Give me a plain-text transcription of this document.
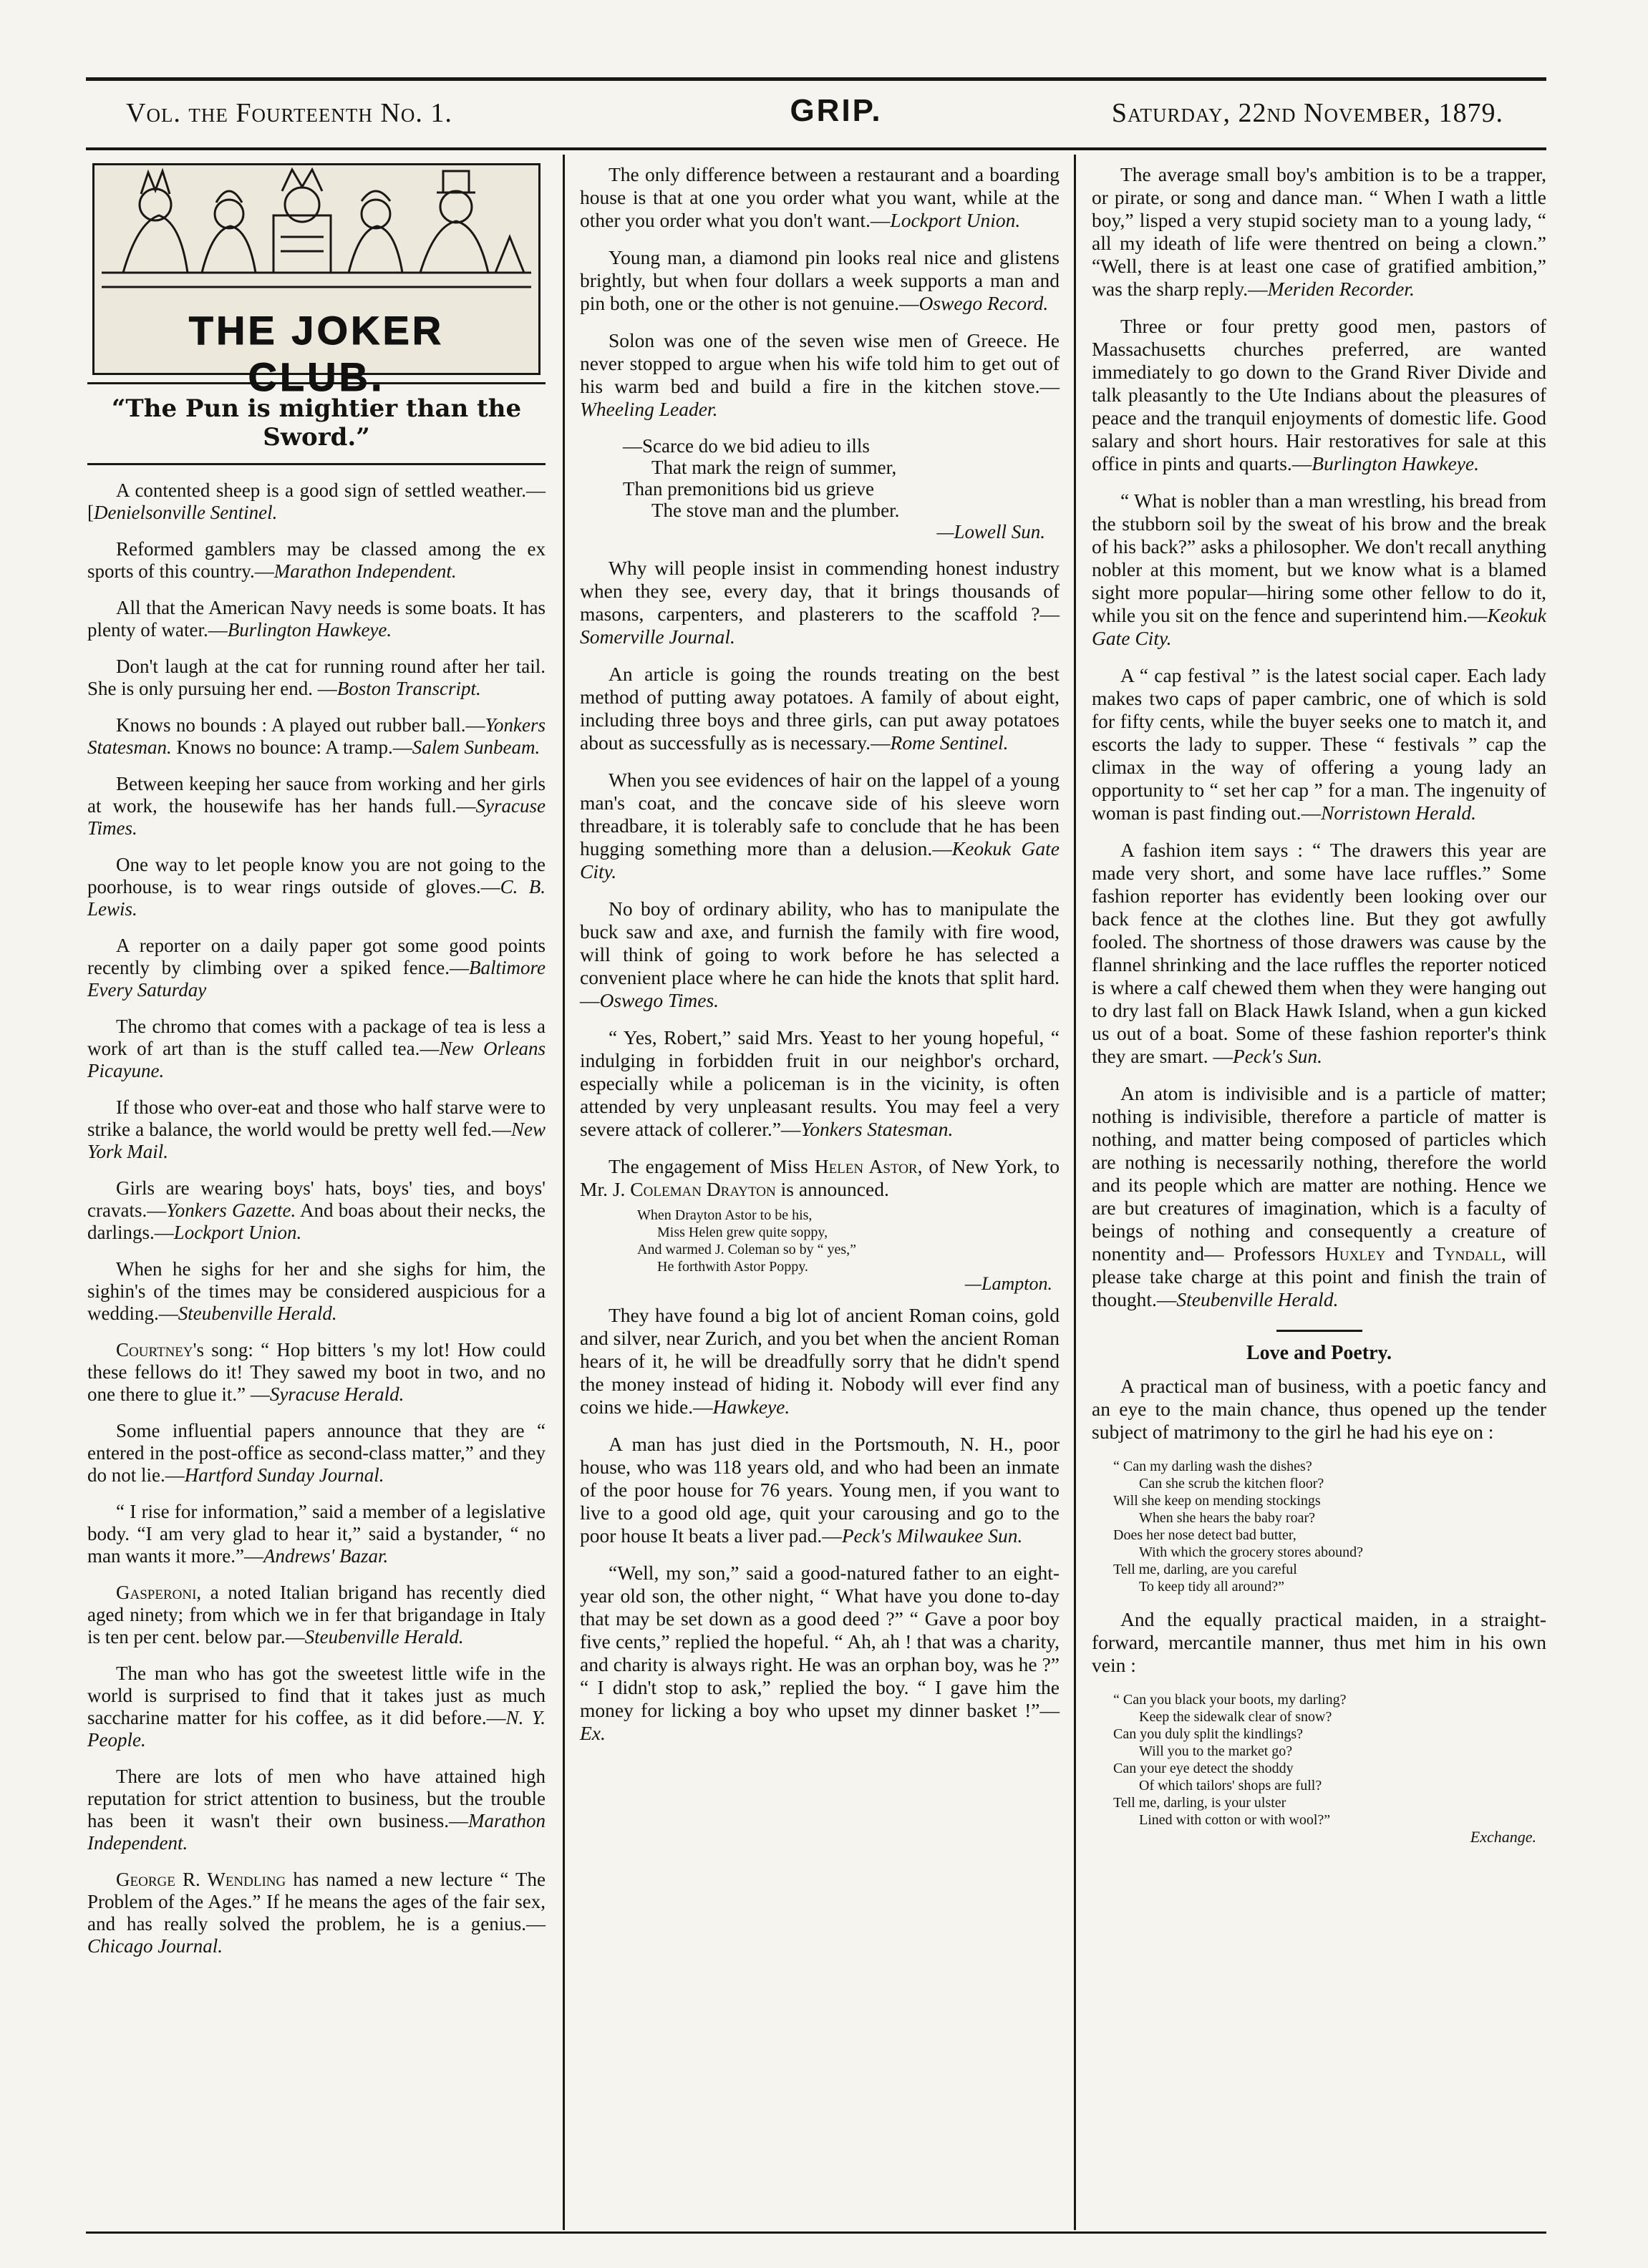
Vol. the Fourteenth No. 1.	GRIP.	Saturday, 22nd November, 1879.
THE JOKER CLUB.
“The Pun is mightier than the Sword.”

A contented sheep is a good sign of settled weather.—[Denielsonville Sentinel.

Reformed gamblers may be classed among the ex sports of this country.—Marathon Independent.

All that the American Navy needs is some boats. It has plenty of water.—Burlington Hawkeye.

Don't laugh at the cat for running round after her tail. She is only pursuing her end. —Boston Transcript.

Knows no bounds : A played out rubber ball.—Yonkers Statesman. Knows no bounce: A tramp.—Salem Sunbeam.

Between keeping her sauce from working and her girls at work, the housewife has her hands full.—Syracuse Times.

One way to let people know you are not going to the poorhouse, is to wear rings outside of gloves.—C. B. Lewis.

A reporter on a daily paper got some good points recently by climbing over a spiked fence.—Baltimore Every Saturday

The chromo that comes with a package of tea is less a work of art than is the stuff called tea.—New Orleans Picayune.

If those who over-eat and those who half starve were to strike a balance, the world would be pretty well fed.—New York Mail.

Girls are wearing boys' hats, boys' ties, and boys' cravats.—Yonkers Gazette. And boas about their necks, the darlings.—Lockport Union.

When he sighs for her and she sighs for him, the sighin's of the times may be considered auspicious for a wedding.—Steubenville Herald.

Courtney's song: “ Hop bitters 's my lot! How could these fellows do it! They sawed my boot in two, and no one there to glue it.” —Syracuse Herald.

Some influential papers announce that they are “ entered in the post-office as second-class matter,” and they do not lie.—Hartford Sunday Journal.

“ I rise for information,” said a member of a legislative body. “I am very glad to hear it,” said a bystander, “ no man wants it more.”—Andrews' Bazar.

Gasperoni, a noted Italian brigand has recently died aged ninety; from which we in fer that brigandage in Italy is ten per cent. below par.—Steubenville Herald.

The man who has got the sweetest little wife in the world is surprised to find that it takes just as much saccharine matter for his coffee, as it did before.—N. Y. People.

There are lots of men who have attained high reputation for strict attention to business, but the trouble has been it wasn't their own business.—Marathon Independent.

George R. Wendling has named a new lecture “ The Problem of the Ages.” If he means the ages of the fair sex, and has really solved the problem, he is a genius.—Chicago Journal.

The only difference between a restaurant and a boarding house is that at one you order what you want, while at the other you order what you don't want.—Lockport Union.

Young man, a diamond pin looks real nice and glistens brightly, but when four dollars a week supports a man and pin both, one or the other is not genuine.—Oswego Record.

Solon was one of the seven wise men of Greece. He never stopped to argue when his wife told him to get out of his warm bed and build a fire in the kitchen stove.—Wheeling Leader.

—Scarce do we bid adieu to ills
That mark the reign of summer,
Than premonitions bid us grieve
The stove man and the plumber.
—Lowell Sun.

Why will people insist in commending honest industry when they see, every day, that it brings thousands of masons, carpenters, and plasterers to the scaffold ?—Somerville Journal.

An article is going the rounds treating on the best method of putting away potatoes. A family of about eight, including three boys and three girls, can put away potatoes about as successfully as is necessary.—Rome Sentinel.

When you see evidences of hair on the lappel of a young man's coat, and the concave side of his sleeve worn threadbare, it is tolerably safe to conclude that he has been hugging something more than a delusion.—Keokuk Gate City.

No boy of ordinary ability, who has to manipulate the buck saw and axe, and furnish the family with fire wood, will think of going to work before he has selected a convenient place where he can hide the knots that split hard.—Oswego Times.

“ Yes, Robert,” said Mrs. Yeast to her young hopeful, “ indulging in forbidden fruit in our neighbor's orchard, especially while a policeman is in the vicinity, is often attended by very unpleasant results. You may feel a very severe attack of collerer.”—Yonkers Statesman.

The engagement of Miss Helen Astor, of New York, to Mr. J. Coleman Drayton is announced.

When Drayton Astor to be his,
Miss Helen grew quite soppy,
And warmed J. Coleman so by “ yes,”
He forthwith Astor Poppy.
—Lampton.

They have found a big lot of ancient Roman coins, gold and silver, near Zurich, and you bet when the ancient Roman hears of it, he will be dreadfully sorry that he didn't spend the money instead of hiding it. Nobody will ever find any coins we hide.—Hawkeye.

A man has just died in the Portsmouth, N. H., poor house, who was 118 years old, and who had been an inmate of the poor house for 76 years. Young men, if you want to live to a good old age, quit your carousing and go to the poor house It beats a liver pad.—Peck's Milwaukee Sun.

“Well, my son,” said a good-natured father to an eight-year old son, the other night, “ What have you done to-day that may be set down as a good deed ?” “ Gave a poor boy five cents,” replied the hopeful. “ Ah, ah ! that was a charity, and charity is always right. He was an orphan boy, was he ?” “ I didn't stop to ask,” replied the boy. “ I gave him the money for licking a boy who upset my dinner basket !”—Ex.

The average small boy's ambition is to be a trapper, or pirate, or song and dance man. “ When I wath a little boy,” lisped a very stupid society man to a young lady, “ all my ideath of life were thentred on being a clown.” “Well, there is at least one case of gratified ambition,” was the sharp reply.—Meriden Recorder.

Three or four pretty good men, pastors of Massachusetts churches preferred, are wanted immediately to go down to the Grand River Divide and talk pleasantly to the Ute Indians about the pleasures of peace and the tranquil enjoyments of domestic life. Good salary and short hours. Hair restoratives for sale at this office in pints and quarts.—Burlington Hawkeye.

“ What is nobler than a man wrestling, his bread from the stubborn soil by the sweat of his brow and the break of his back?” asks a philosopher. We don't recall anything nobler at this moment, but we know what is a blamed sight more popular—hiring some other fellow to do it, while you sit on the fence and superintend him.—Keokuk Gate City.

A “ cap festival ” is the latest social caper. Each lady makes two caps of paper cambric, one of which is sold for fifty cents, while the buyer seeks one to match it, and escorts the lady to supper. These “ festivals ” cap the climax in the way of offering a young lady an opportunity to “ set her cap ” for a man. The ingenuity of woman is past finding out.—Norristown Herald.

A fashion item says : “ The drawers this year are made very short, and some have lace ruffles.” Some fashion reporter has evidently been looking over our back fence at the clothes line. But they got awfully fooled. The shortness of those drawers was cause by the flannel shrinking and the lace ruffles the reporter noticed is where a calf chewed them when they were hanging out to dry last fall on Black Hawk Island, when a gun kicked us out of a boat. Some of these fashion reporter's think they are smart. —Peck's Sun.

An atom is indivisible and is a particle of matter; nothing is indivisible, therefore a particle of matter is nothing, and matter being composed of particles which are nothing is necessarily nothing, therefore the world and its people which are matter are nothing. Hence we are but creatures of imagination, which is a faculty of beings of nothing and consequently a creature of nonentity and— Professors Huxley and Tyndall, will please take charge at this point and finish the train of thought.—Steubenville Herald.

Love and Poetry.

A practical man of business, with a poetic fancy and an eye to the main chance, thus opened up the tender subject of matrimony to the girl he had his eye on :

“ Can my darling wash the dishes?
Can she scrub the kitchen floor?
Will she keep on mending stockings
When she hears the baby roar?
Does her nose detect bad butter,
With which the grocery stores abound?
Tell me, darling, are you careful
To keep tidy all around?”

And the equally practical maiden, in a straight-forward, mercantile manner, thus met him in his own vein :

“ Can you black your boots, my darling?
Keep the sidewalk clear of snow?
Can you duly split the kindlings?
Will you to the market go?
Can your eye detect the shoddy
Of which tailors' shops are full?
Tell me, darling, is your ulster
Lined with cotton or with wool?”
Exchange.
